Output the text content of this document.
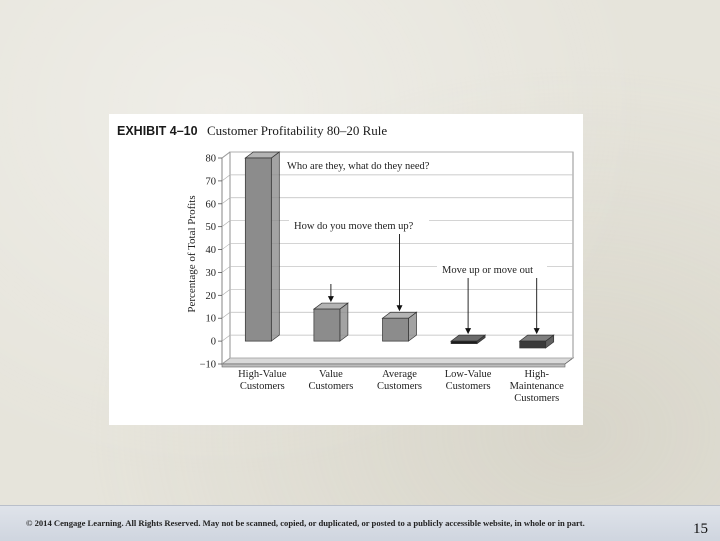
EXHIBIT 4–10 Customer Profitability 80–20 Rule
80
70
60
50
40
30
20
10
0
−10
High-Value Customers
Value Customers
Average Customers
Low-Value Customers
High-Maintenance Customers
Who are they, what do they need?
How do you move them up?
Move up or move out
Percentage of Total Profits
© 2014 Cengage Learning. All Rights Reserved. May not be scanned, copied, or duplicated, or posted to a publicly accessible website, in whole or in part.	15
